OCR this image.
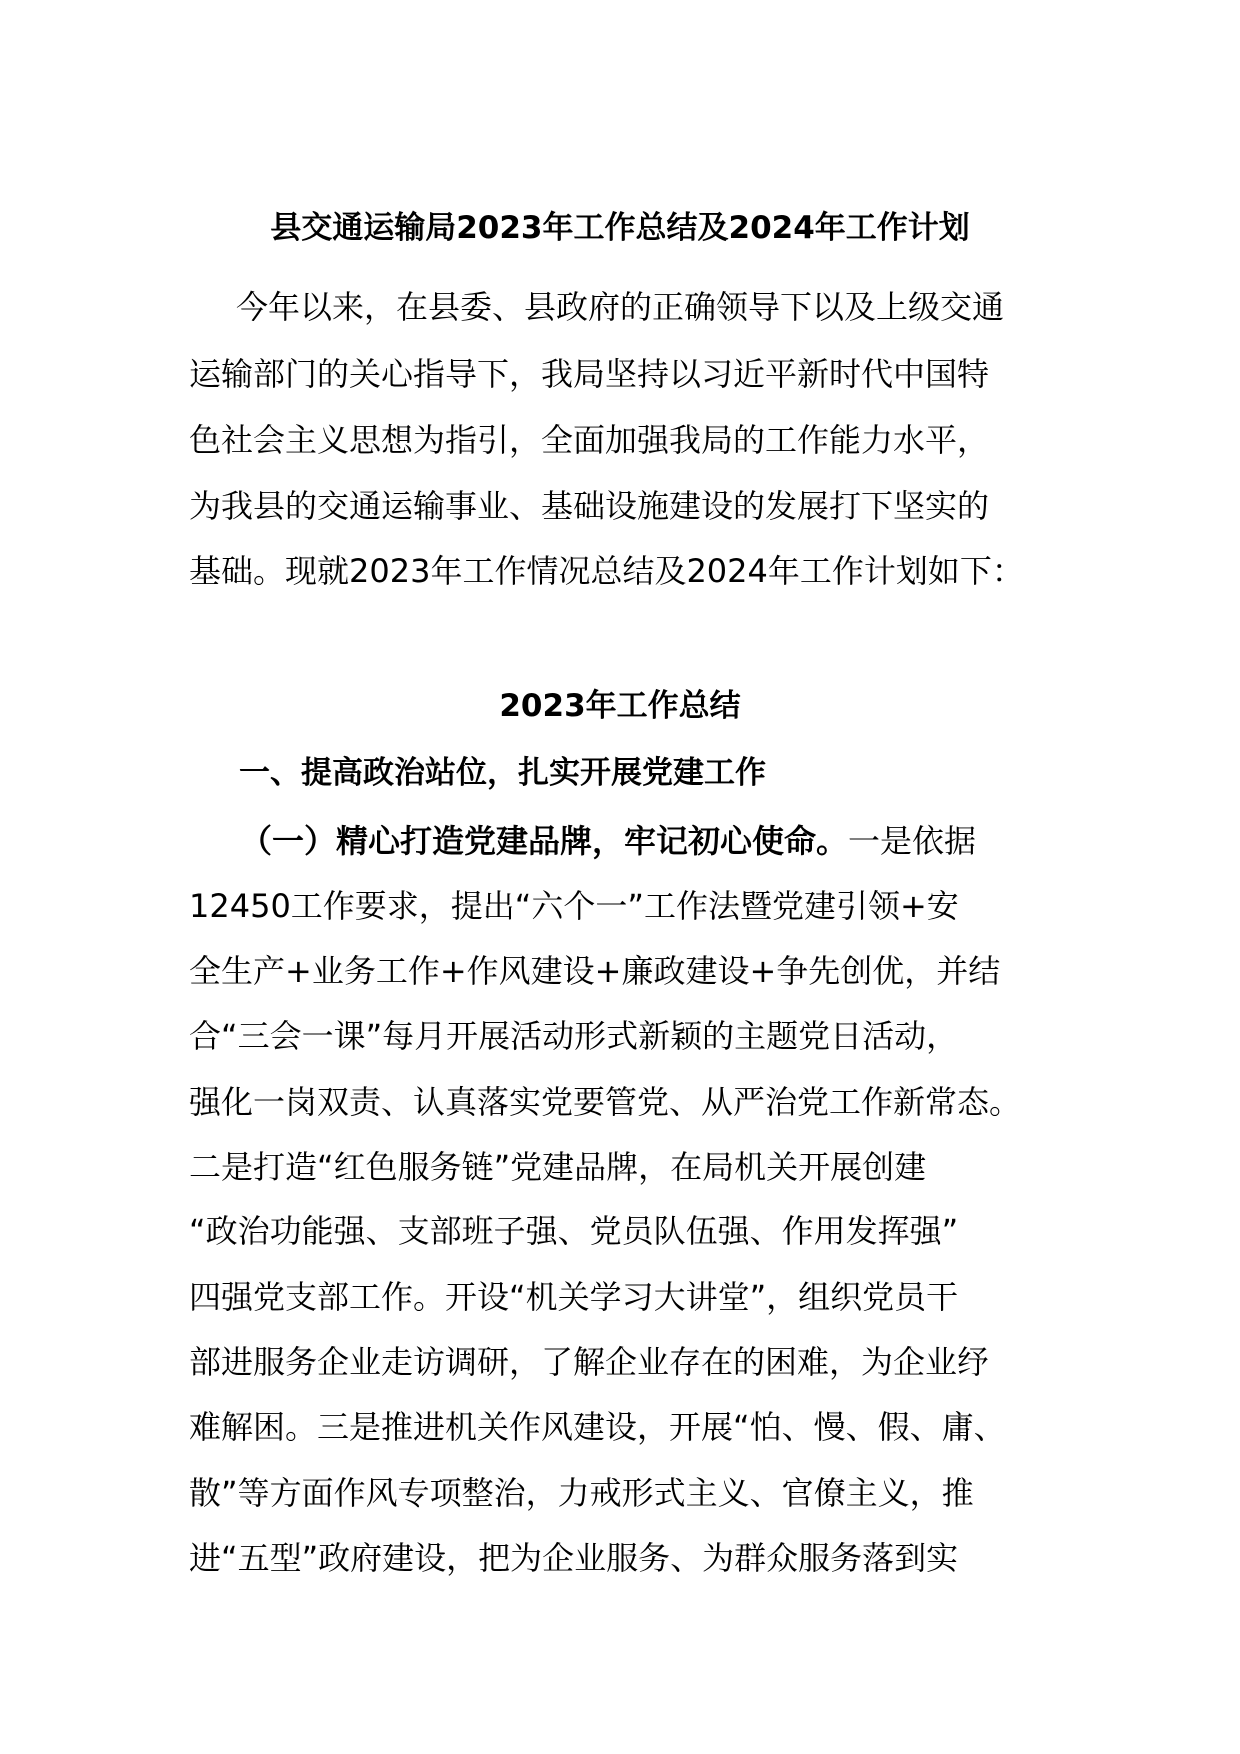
县交通运输局2023年工作总结及2024年工作计划
今年以来，在县委、县政府的正确领导下以及上级交通
运输部门的关心指导下，我局坚持以习近平新时代中国特
色社会主义思想为指引，全面加强我局的工作能力水平，
为我县的交通运输事业、基础设施建设的发展打下坚实的
基础。现就2023年工作情况总结及2024年工作计划如下：
2023年工作总结
一、提高政治站位，扎实开展党建工作
（一）精心打造党建品牌，牢记初心使命。一是依据
12450工作要求，提出“六个一”工作法暨党建引领+安
全生产+业务工作+作风建设+廉政建设+争先创优，并结
合“三会一课”每月开展活动形式新颖的主题党日活动，
强化一岗双责、认真落实党要管党、从严治党工作新常态。
二是打造“红色服务链”党建品牌，在局机关开展创建
“政治功能强、支部班子强、党员队伍强、作用发挥强”
四强党支部工作。开设“机关学习大讲堂”，组织党员干
部进服务企业走访调研，了解企业存在的困难，为企业纾
难解困。三是推进机关作风建设，开展“怕、慢、假、庸、
散”等方面作风专项整治，力戒形式主义、官僚主义，推
进“五型”政府建设，把为企业服务、为群众服务落到实
